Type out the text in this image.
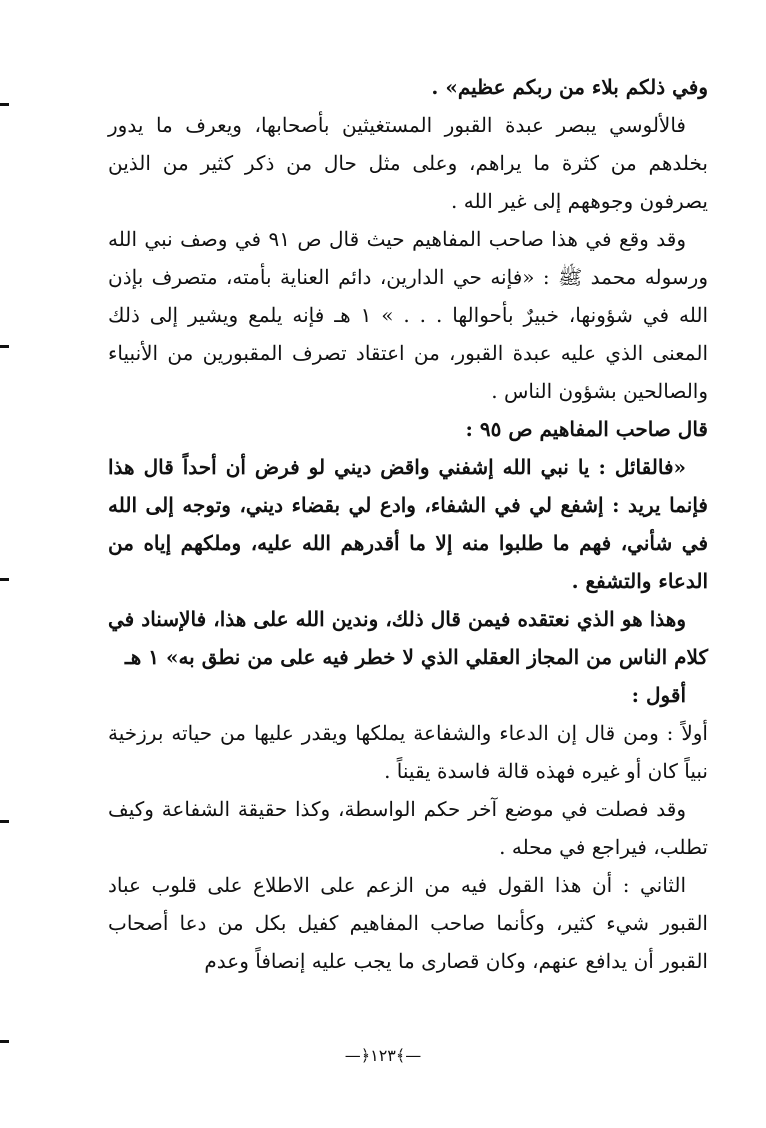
وفي ذلكم بلاء من ربكم عظيم» .

فالألوسي يبصر عبدة القبور المستغيثين بأصحابها، ويعرف ما يدور بخلدهم من كثرة ما يراهم، وعلى مثل حال من ذكر كثير من الذين يصرفون وجوههم إلى غير الله .

وقد وقع في هذا صاحب المفاهيم حيث قال ص ٩١ في وصف نبي الله ورسوله محمد ﷺ : «فإنه حي الدارين، دائم العناية بأمته، متصرف بإذن الله في شؤونها، خبيرٌ بأحوالها . . . » ١ هـ فإنه يلمع ويشير إلى ذلك المعنى الذي عليه عبدة القبور، من اعتقاد تصرف المقبورين من الأنبياء والصالحين بشؤون الناس .

قال صاحب المفاهيم ص ٩٥ :

«فالقائل : يا نبي الله إشفني واقض ديني لو فرض أن أحداً قال هذا فإنما يريد : إشفع لي في الشفاء، وادع لي بقضاء ديني، وتوجه إلى الله في شأني، فهم ما طلبوا منه إلا ما أقدرهم الله عليه، وملكهم إياه من الدعاء والتشفع .

وهذا هو الذي نعتقده فيمن قال ذلك، وندين الله على هذا، فالإسناد في كلام الناس من المجاز العقلي الذي لا خطر فيه على من نطق به» ١ هـ

أقول :

أولاً : ومن قال إن الدعاء والشفاعة يملكها ويقدر عليها من حياته برزخية نبياً كان أو غيره فهذه قالة فاسدة يقيناً .

وقد فصلت في موضع آخر حكم الواسطة، وكذا حقيقة الشفاعة وكيف تطلب، فيراجع في محله .

الثاني : أن هذا القول فيه من الزعم على الاطلاع على قلوب عباد القبور شيء كثير، وكأنما صاحب المفاهيم كفيل بكل من دعا أصحاب القبور أن يدافع عنهم، وكان قصارى ما يجب عليه إنصافاً وعدم

—﴿١٢٣﴾—
